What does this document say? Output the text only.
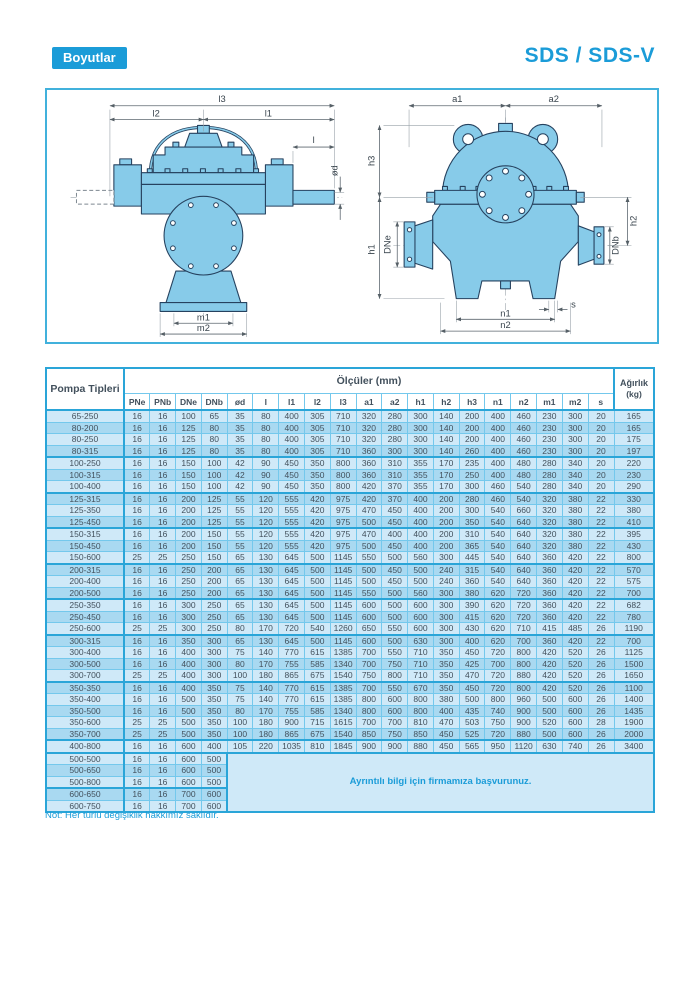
Boyutlar	SDS / SDS-V
l3
l2	l1
l
ød
m1
m2
a1	a2
h3
h1 DNe	DNb
h2
n1
n2
s
Pompa Tipleri	Ölçüler (mm)																			Ağırlık
(kg)

	PNe	PNb	DNe	DNb	ød	l	l1	l2	l3	a1	a2	h1	h2	h3	n1	n2	m1	m2	s	
65-250	16	16	100	65	35	80	400	305	710	320	280	300	140	200	400	460	230	300	20	165
80-200	16	16	125	80	35	80	400	305	710	320	280	300	140	200	400	460	230	300	20	165
80-250	16	16	125	80	35	80	400	305	710	320	280	300	140	200	400	460	230	300	20	175
80-315	16	16	125	80	35	80	400	305	710	360	300	300	140	260	400	460	230	300	20	197
100-250	16	16	150	100	42	90	450	350	800	360	310	355	170	235	400	480	280	340	20	220
100-315	16	16	150	100	42	90	450	350	800	360	310	355	170	250	400	480	280	340	20	230
100-400	16	16	150	100	42	90	450	350	800	420	370	355	170	300	460	540	280	340	20	290
125-315	16	16	200	125	55	120	555	420	975	420	370	400	200	280	460	540	320	380	22	330
125-350	16	16	200	125	55	120	555	420	975	470	450	400	200	300	540	660	320	380	22	380
125-450	16	16	200	125	55	120	555	420	975	500	450	400	200	350	540	640	320	380	22	410
150-315	16	16	200	150	55	120	555	420	975	470	400	400	200	310	540	640	320	380	22	395
150-450	16	16	200	150	55	120	555	420	975	500	450	400	200	365	540	640	320	380	22	430
150-600	25	25	250	150	65	130	645	500	1145	550	500	560	300	445	540	640	360	420	22	800
200-315	16	16	250	200	65	130	645	500	1145	500	450	500	240	315	540	640	360	420	22	570
200-400	16	16	250	200	65	130	645	500	1145	500	450	500	240	360	540	640	360	420	22	575
200-500	16	16	250	200	65	130	645	500	1145	550	500	560	300	380	620	720	360	420	22	700
250-350	16	16	300	250	65	130	645	500	1145	600	500	600	300	390	620	720	360	420	22	682
250-450	16	16	300	250	65	130	645	500	1145	600	500	600	300	415	620	720	360	420	22	780
250-600	25	25	300	250	80	170	720	540	1260	650	550	600	300	430	620	710	415	485	26	1190
300-315	16	16	350	300	65	130	645	500	1145	600	500	630	300	400	620	700	360	420	22	700
300-400	16	16	400	300	75	140	770	615	1385	700	550	710	350	450	720	800	420	520	26	1125
300-500	16	16	400	300	80	170	755	585	1340	700	750	710	350	425	700	800	420	520	26	1500
300-700	25	25	400	300	100	180	865	675	1540	750	800	710	350	470	720	880	420	520	26	1650
350-350	16	16	400	350	75	140	770	615	1385	700	550	670	350	450	720	800	420	520	26	1100
350-400	16	16	500	350	75	140	770	615	1385	800	600	800	380	500	800	960	500	600	26	1400
350-500	16	16	500	350	80	170	755	585	1340	800	600	800	400	435	740	900	500	600	26	1435
350-600	25	25	500	350	100	180	900	715	1615	700	700	810	470	503	750	900	520	600	28	1900
350-700	25	25	500	350	100	180	865	675	1540	850	750	850	450	525	720	880	500	600	26	2000
400-800	16	16	600	400	105	220	1035	810	1845	900	900	880	450	565	950	1120	630	740	26	3400
500-500	16	16	600	500	Ayrıntılı bilgi için firmamıza başvurunuz.															
500-650	16	16	600	500																
500-800	16	16	600	500																
600-650	16	16	700	600																
600-750	16	16	700	600																
Not: Her türlü değişiklik hakkımız saklıdır.
